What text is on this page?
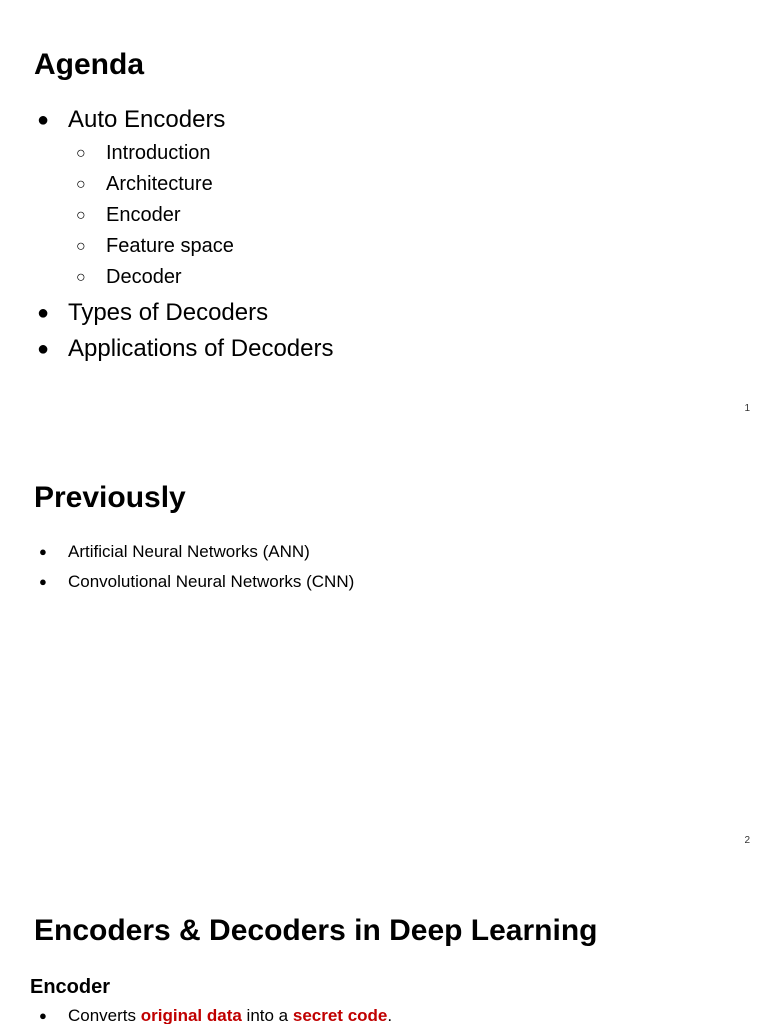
Agenda
● Auto Encoders
○ Introduction
○ Architecture
○ Encoder
○ Feature space
○ Decoder
● Types of Decoders
● Applications of Decoders
1
Previously
● Artificial Neural Networks (ANN)
● Convolutional Neural Networks (CNN)
2
Encoders & Decoders in Deep Learning
Encoder
● Converts original data into a secret code.
